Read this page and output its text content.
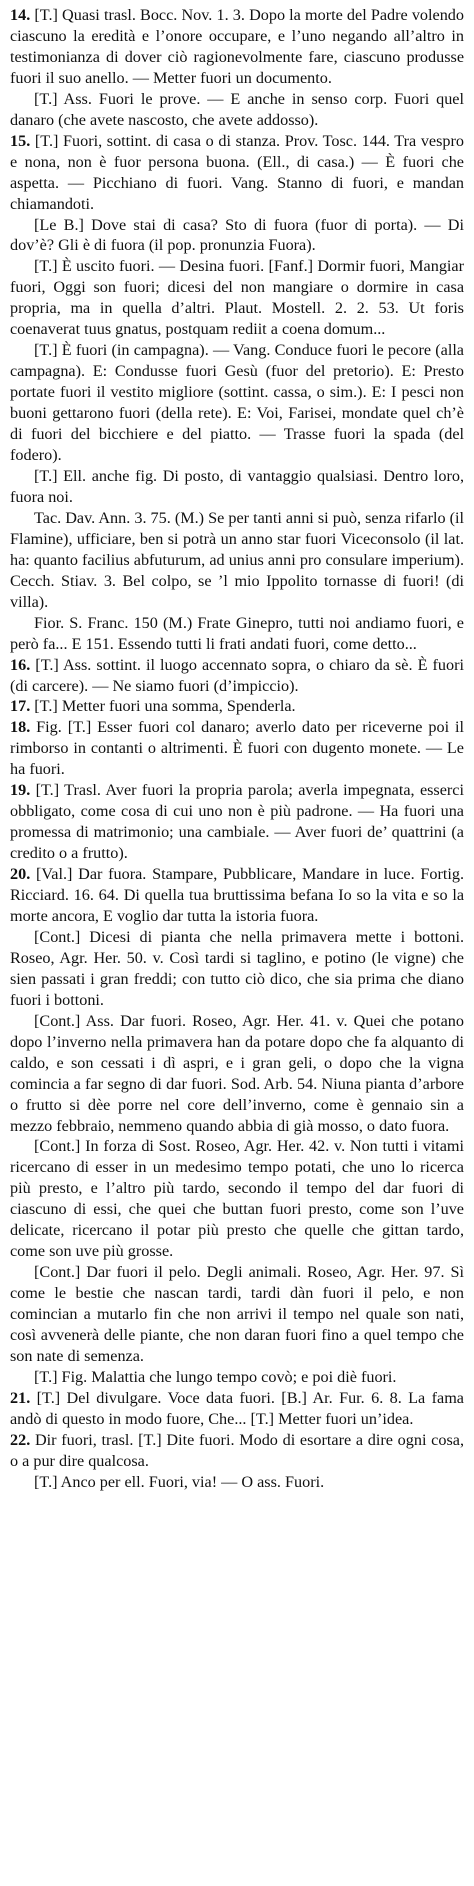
14. [T.] Quasi trasl. Bocc. Nov. 1. 3. Dopo la morte del Padre volendo ciascuno la eredità e l’onore occupare, e l’uno negando all’altro in testimonianza di dover ciò ragionevolmente fare, ciascuno produsse fuori il suo anello. — Metter fuori un documento.

[T.] Ass. Fuori le prove. — E anche in senso corp. Fuori quel danaro (che avete nascosto, che avete addosso).

15. [T.] Fuori, sottint. di casa o di stanza. Prov. Tosc. 144. Tra vespro e nona, non è fuor persona buona. (Ell., di casa.) — È fuori che aspetta. — Picchiano di fuori. Vang. Stanno di fuori, e mandan chiamandoti.

[Le B.] Dove stai di casa? Sto di fuora (fuor di porta). — Di dov’è? Gli è di fuora (il pop. pronunzia Fuora).

[T.] È uscito fuori. — Desina fuori. [Fanf.] Dormir fuori, Mangiar fuori, Oggi son fuori; dicesi del non mangiare o dormire in casa propria, ma in quella d’altri. Plaut. Mostell. 2. 2. 53. Ut foris coenaverat tuus gnatus, postquam rediit a coena domum...

[T.] È fuori (in campagna). — Vang. Conduce fuori le pecore (alla campagna). E: Condusse fuori Gesù (fuor del pretorio). E: Presto portate fuori il vestito migliore (sottint. cassa, o sim.). E: I pesci non buoni gettarono fuori (della rete). E: Voi, Farisei, mondate quel ch’è di fuori del bicchiere e del piatto. — Trasse fuori la spada (del fodero).

[T.] Ell. anche fig. Di posto, di vantaggio qualsiasi. Dentro loro, fuora noi.

Tac. Dav. Ann. 3. 75. (M.) Se per tanti anni si può, senza rifarlo (il Flamine), ufficiare, ben si potrà un anno star fuori Viceconsolo (il lat. ha: quanto facilius abfuturum, ad unius anni pro consulare imperium). Cecch. Stiav. 3. Bel colpo, se ’l mio Ippolito tornasse di fuori! (di villa).

Fior. S. Franc. 150 (M.) Frate Ginepro, tutti noi andiamo fuori, e però fa... E 151. Essendo tutti li frati andati fuori, come detto...

16. [T.] Ass. sottint. il luogo accennato sopra, o chiaro da sè. È fuori (di carcere). — Ne siamo fuori (d’impiccio).

17. [T.] Metter fuori una somma, Spenderla.

18. Fig. [T.] Esser fuori col danaro; averlo dato per riceverne poi il rimborso in contanti o altrimenti. È fuori con dugento monete. — Le ha fuori.

19. [T.] Trasl. Aver fuori la propria parola; averla impegnata, esserci obbligato, come cosa di cui uno non è più padrone. — Ha fuori una promessa di matrimonio; una cambiale. — Aver fuori de’ quattrini (a credito o a frutto).

20. [Val.] Dar fuora. Stampare, Pubblicare, Mandare in luce. Fortig. Ricciard. 16. 64. Di quella tua bruttissima befana Io so la vita e so la morte ancora, E voglio dar tutta la istoria fuora.

[Cont.] Dicesi di pianta che nella primavera mette i bottoni. Roseo, Agr. Her. 50. v. Così tardi si taglino, e potino (le vigne) che sien passati i gran freddi; con tutto ciò dico, che sia prima che diano fuori i bottoni.

[Cont.] Ass. Dar fuori. Roseo, Agr. Her. 41. v. Quei che potano dopo l’inverno nella primavera han da potare dopo che fa alquanto di caldo, e son cessati i dì aspri, e i gran geli, o dopo che la vigna comincia a far segno di dar fuori. Sod. Arb. 54. Niuna pianta d’arbore o frutto si dèe porre nel core dell’inverno, come è gennaio sin a mezzo febbraio, nemmeno quando abbia di già mosso, o dato fuora.

[Cont.] In forza di Sost. Roseo, Agr. Her. 42. v. Non tutti i vitami ricercano di esser in un medesimo tempo potati, che uno lo ricerca più presto, e l’altro più tardo, secondo il tempo del dar fuori di ciascuno di essi, che quei che buttan fuori presto, come son l’uve delicate, ricercano il potar più presto che quelle che gittan tardo, come son uve più grosse.

[Cont.] Dar fuori il pelo. Degli animali. Roseo, Agr. Her. 97. Sì come le bestie che nascan tardi, tardi dàn fuori il pelo, e non comincian a mutarlo fin che non arrivi il tempo nel quale son nati, così avvenerà delle piante, che non daran fuori fino a quel tempo che son nate di semenza.

[T.] Fig. Malattia che lungo tempo covò; e poi diè fuori.

21. [T.] Del divulgare. Voce data fuori. [B.] Ar. Fur. 6. 8. La fama andò di questo in modo fuore, Che... [T.] Metter fuori un’idea.

22. Dir fuori, trasl. [T.] Dite fuori. Modo di esortare a dire ogni cosa, o a pur dire qualcosa.

[T.] Anco per ell. Fuori, via! — O ass. Fuori.
